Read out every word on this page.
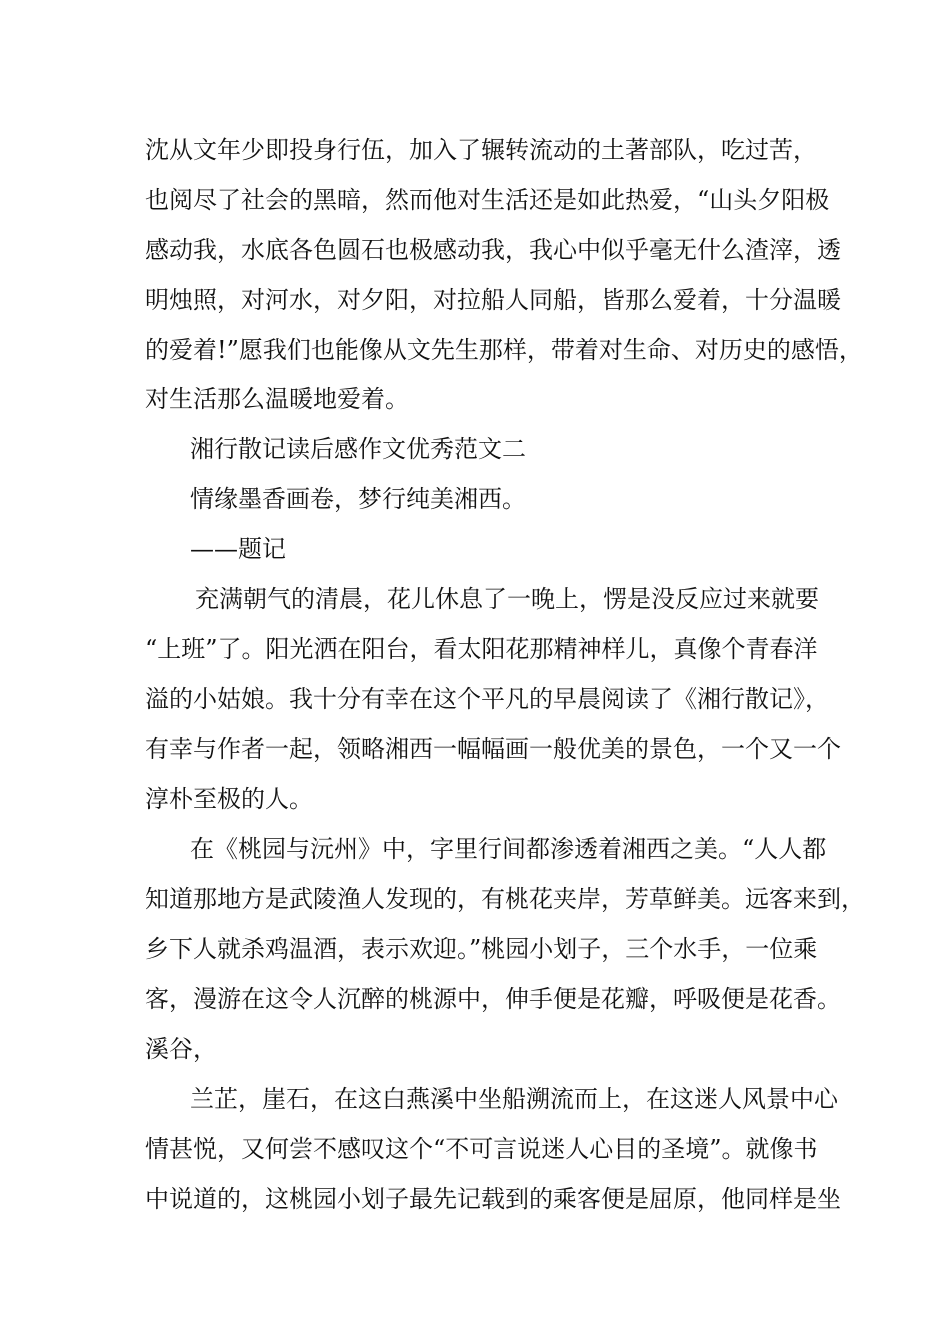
沈从文年少即投身行伍，加入了辗转流动的土著部队，吃过苦，
也阅尽了社会的黑暗，然而他对生活还是如此热爱，“山头夕阳极
感动我，水底各色圆石也极感动我，我心中似乎毫无什么渣滓，透
明烛照，对河水，对夕阳，对拉船人同船，皆那么爱着，十分温暖
的爱着!”愿我们也能像从文先生那样，带着对生命、对历史的感悟，
对生活那么温暖地爱着。
湘行散记读后感作文优秀范文二
情缘墨香画卷，梦行纯美湘西。
——题记
充满朝气的清晨，花儿休息了一晚上，愣是没反应过来就要
“上班”了。阳光洒在阳台，看太阳花那精神样儿，真像个青春洋
溢的小姑娘。我十分有幸在这个平凡的早晨阅读了《湘行散记》，
有幸与作者一起，领略湘西一幅幅画一般优美的景色，一个又一个
淳朴至极的人。
在《桃园与沅州》中，字里行间都渗透着湘西之美。“人人都
知道那地方是武陵渔人发现的，有桃花夹岸，芳草鲜美。远客来到，
乡下人就杀鸡温酒，表示欢迎。”桃园小划子，三个水手，一位乘
客，漫游在这令人沉醉的桃源中，伸手便是花瓣，呼吸便是花香。
溪谷，
兰芷，崖石，在这白燕溪中坐船溯流而上，在这迷人风景中心
情甚悦，又何尝不感叹这个“不可言说迷人心目的圣境”。就像书
中说道的，这桃园小划子最先记载到的乘客便是屈原，他同样是坐
